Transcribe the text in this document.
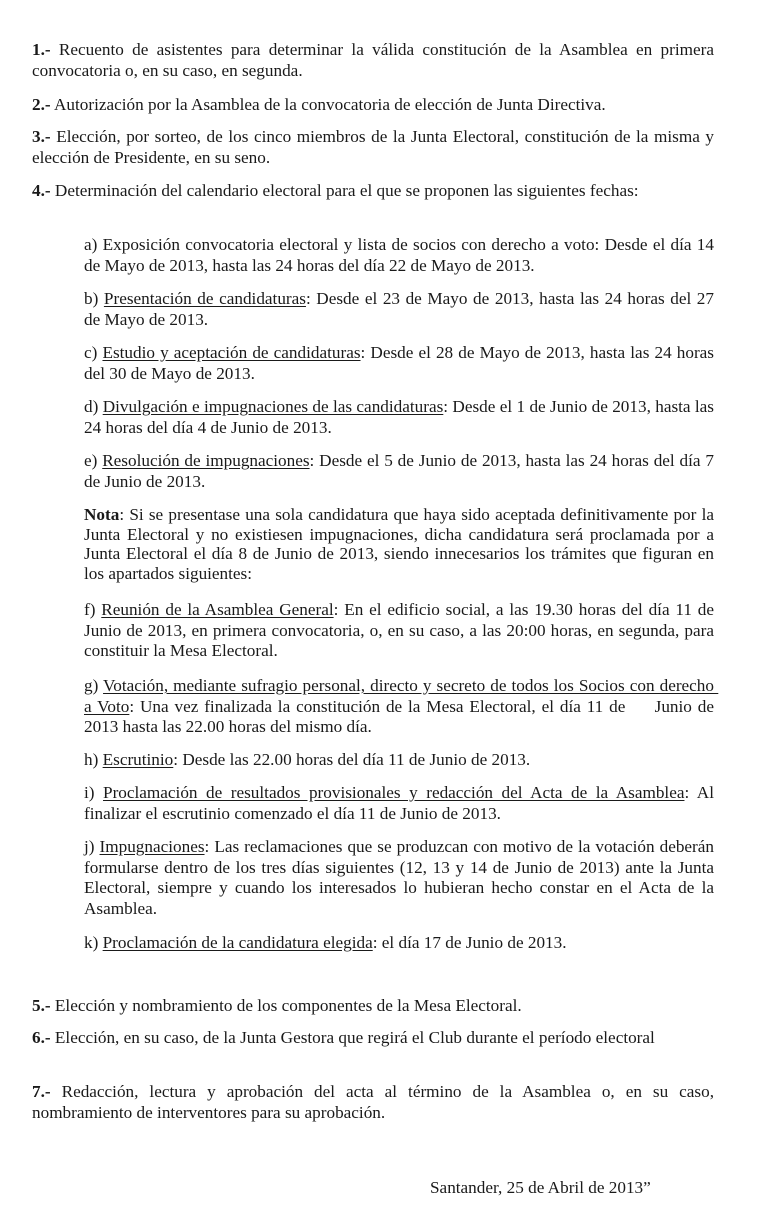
1.- Recuento de asistentes para determinar la válida constitución de la Asamblea en primera convocatoria o, en su caso, en segunda.

2.- Autorización por la Asamblea de la convocatoria de elección de Junta Directiva.

3.- Elección, por sorteo, de los cinco miembros de la Junta Electoral, constitución de la misma y elección de Presidente, en su seno.

4.- Determinación del calendario electoral para el que se proponen las siguientes fechas:

a) Exposición convocatoria electoral y lista de socios con derecho a voto: Desde el día 14 de Mayo de 2013, hasta las 24 horas del día 22 de Mayo de 2013.

b) Presentación de candidaturas: Desde el 23 de Mayo de 2013, hasta las 24 horas del 27 de Mayo de 2013.

c) Estudio y aceptación de candidaturas: Desde el 28 de Mayo de 2013, hasta las 24 horas del 30 de Mayo de 2013.

d) Divulgación e impugnaciones de las candidaturas: Desde el 1 de Junio de 2013, hasta las 24 horas del día 4 de Junio de 2013.

e) Resolución de impugnaciones: Desde el 5 de Junio de 2013, hasta las 24 horas del día 7 de Junio de 2013.

Nota: Si se presentase una sola candidatura que haya sido aceptada definitivamente por la Junta Electoral y no existiesen impugnaciones, dicha candidatura será proclamada por a Junta Electoral el día 8 de Junio de 2013, siendo innecesarios los trámites que figuran en los apartados siguientes:

f) Reunión de la Asamblea General: En el edificio social, a las 19.30 horas del día 11 de Junio de 2013, en primera convocatoria, o, en su caso, a las 20:00 horas, en segunda, para constituir la Mesa Electoral.

g) Votación, mediante sufragio personal, directo y secreto de todos los Socios con derecho a Voto: Una vez finalizada la constitución de la Mesa Electoral, el día 11 de     Junio de 2013 hasta las 22.00 horas del mismo día.

h) Escrutinio: Desde las 22.00 horas del día 11 de Junio de 2013.

i) Proclamación de resultados provisionales y redacción del Acta de la Asamblea: Al finalizar el escrutinio comenzado el día 11 de Junio de 2013.

j) Impugnaciones: Las reclamaciones que se produzcan con motivo de la votación deberán formularse dentro de los tres días siguientes (12, 13 y 14 de Junio de 2013) ante la Junta Electoral, siempre y cuando los interesados lo hubieran hecho constar en el Acta de la Asamblea.

k) Proclamación de la candidatura elegida: el día 17 de Junio de 2013.

5.- Elección y nombramiento de los componentes de la Mesa Electoral.

6.- Elección, en su caso, de la Junta Gestora que regirá el Club durante el período electoral

7.- Redacción, lectura y aprobación del acta al término de la Asamblea o, en su caso, nombramiento de interventores para su aprobación.

Santander, 25 de Abril de 2013”
